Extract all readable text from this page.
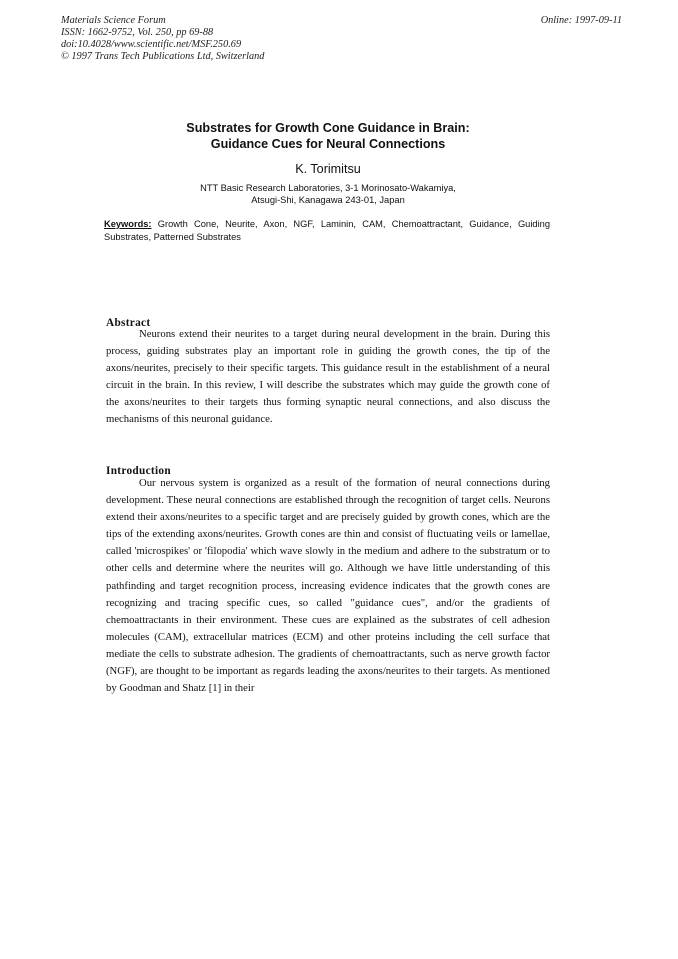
Materials Science Forum
ISSN: 1662-9752, Vol. 250, pp 69-88
doi:10.4028/www.scientific.net/MSF.250.69
© 1997 Trans Tech Publications Ltd, Switzerland
Online: 1997-09-11
Substrates for Growth Cone Guidance in Brain:
Guidance Cues for Neural Connections
K. Torimitsu
NTT Basic Research Laboratories, 3-1 Morinosato-Wakamiya,
Atsugi-Shi, Kanagawa 243-01, Japan
Keywords: Growth Cone, Neurite, Axon, NGF, Laminin, CAM, Chemoattractant, Guidance, Guiding Substrates, Patterned Substrates
Abstract

Neurons extend their neurites to a target during neural development in the brain. During this process, guiding substrates play an important role in guiding the growth cones, the tip of the axons/neurites, precisely to their specific targets. This guidance result in the establishment of a neural circuit in the brain. In this review, I will describe the substrates which may guide the growth cone of the axons/neurites to their targets thus forming synaptic neural connections, and also discuss the mechanisms of this neuronal guidance.

Introduction

Our nervous system is organized as a result of the formation of neural connections during development. These neural connections are established through the recognition of target cells. Neurons extend their axons/neurites to a specific target and are precisely guided by growth cones, which are the tips of the extending axons/neurites. Growth cones are thin and consist of fluctuating veils or lamellae, called 'microspikes' or 'filopodia' which wave slowly in the medium and adhere to the substratum or to other cells and determine where the neurites will go. Although we have little understanding of this pathfinding and target recognition process, increasing evidence indicates that the growth cones are recognizing and tracing specific cues, so called "guidance cues", and/or the gradients of chemoattractants in their environment. These cues are explained as the substrates of cell adhesion molecules (CAM), extracellular matrices (ECM) and other proteins including the cell surface that mediate the cells to substrate adhesion. The gradients of chemoattractants, such as nerve growth factor (NGF), are thought to be important as regards leading the axons/neurites to their targets. As mentioned by Goodman and Shatz [1] in their
